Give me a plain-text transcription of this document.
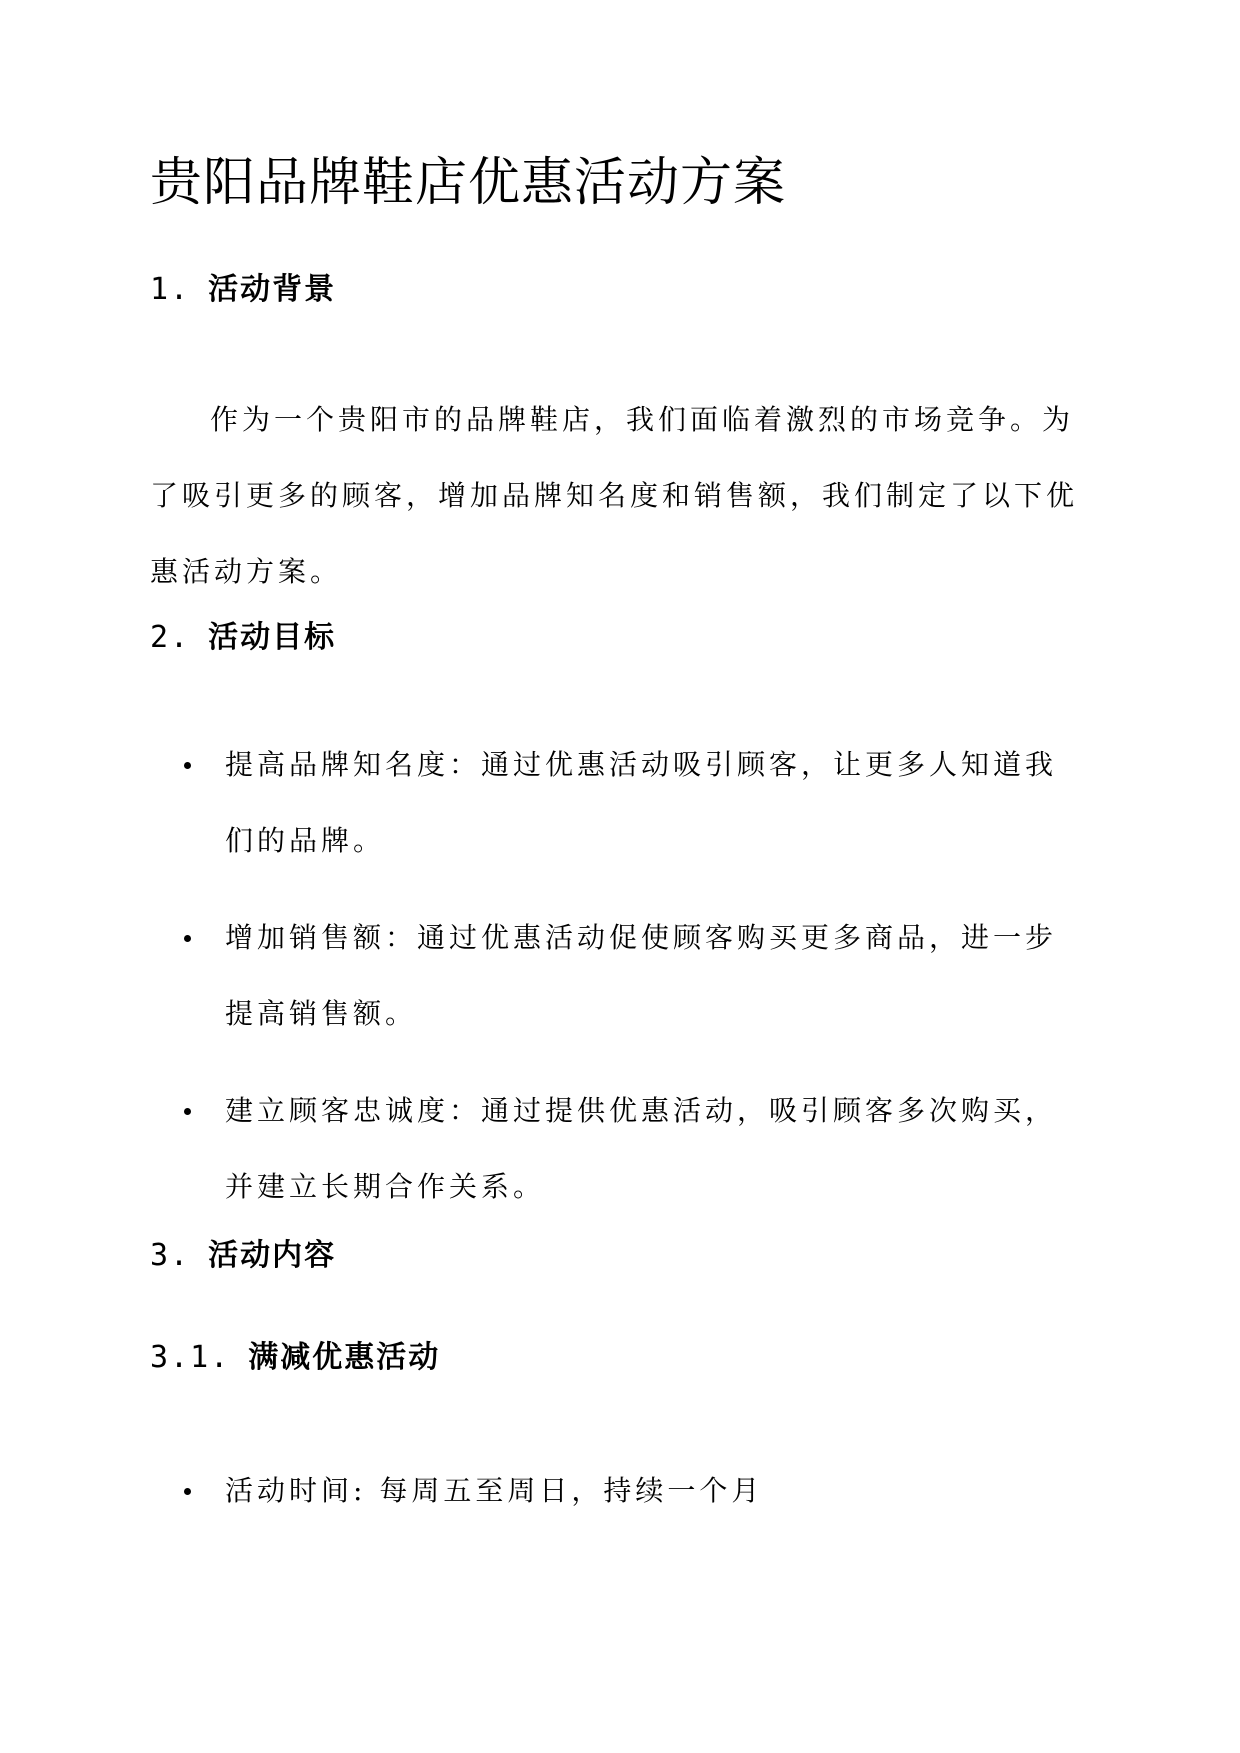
贵阳品牌鞋店优惠活动方案
1. 活动背景

作为一个贵阳市的品牌鞋店，我们面临着激烈的市场竞争。为了吸引更多的顾客，增加品牌知名度和销售额，我们制定了以下优惠活动方案。

2. 活动目标
提高品牌知名度：通过优惠活动吸引顾客，让更多人知道我们的品牌。
增加销售额：通过优惠活动促使顾客购买更多商品，进一步提高销售额。
建立顾客忠诚度：通过提供优惠活动，吸引顾客多次购买，并建立长期合作关系。
3. 活动内容
3.1. 满减优惠活动
活动时间: 每周五至周日，持续一个月
